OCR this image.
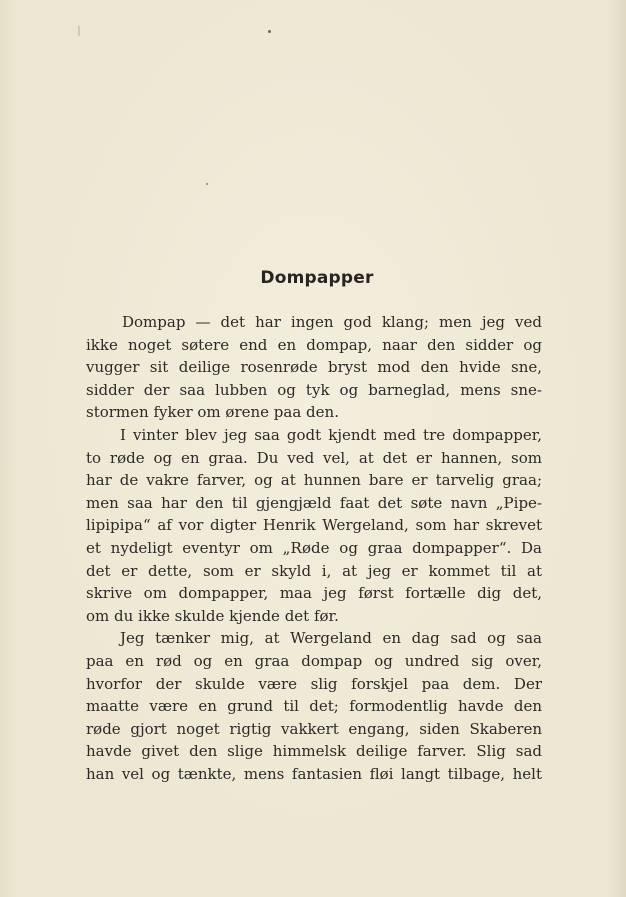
Dompapper
Dompap — det har ingen god klang; men jeg ved
ikke noget søtere end en dompap, naar den sidder og
vugger sit deilige rosenrøde bryst mod den hvide sne,
sidder der saa lubben og tyk og barneglad, mens sne-
stormen fyker om ørene paa den.
I vinter blev jeg saa godt kjendt med tre dompapper,
to røde og en graa. Du ved vel, at det er hannen, som
har de vakre farver, og at hunnen bare er tarvelig graa;
men saa har den til gjengjæld faat det søte navn „Pipe-
lipipipa“ af vor digter Henrik Wergeland, som har skrevet
et nydeligt eventyr om „Røde og graa dompapper“. Da
det er dette, som er skyld i, at jeg er kommet til at
skrive om dompapper, maa jeg først fortælle dig det,
om du ikke skulde kjende det før.
Jeg tænker mig, at Wergeland en dag sad og saa
paa en rød og en graa dompap og undred sig over,
hvorfor der skulde være slig forskjel paa dem. Der
maatte være en grund til det; formodentlig havde den
røde gjort noget rigtig vakkert engang, siden Skaberen
havde givet den slige himmelsk deilige farver. Slig sad
han vel og tænkte, mens fantasien fløi langt tilbage, helt
